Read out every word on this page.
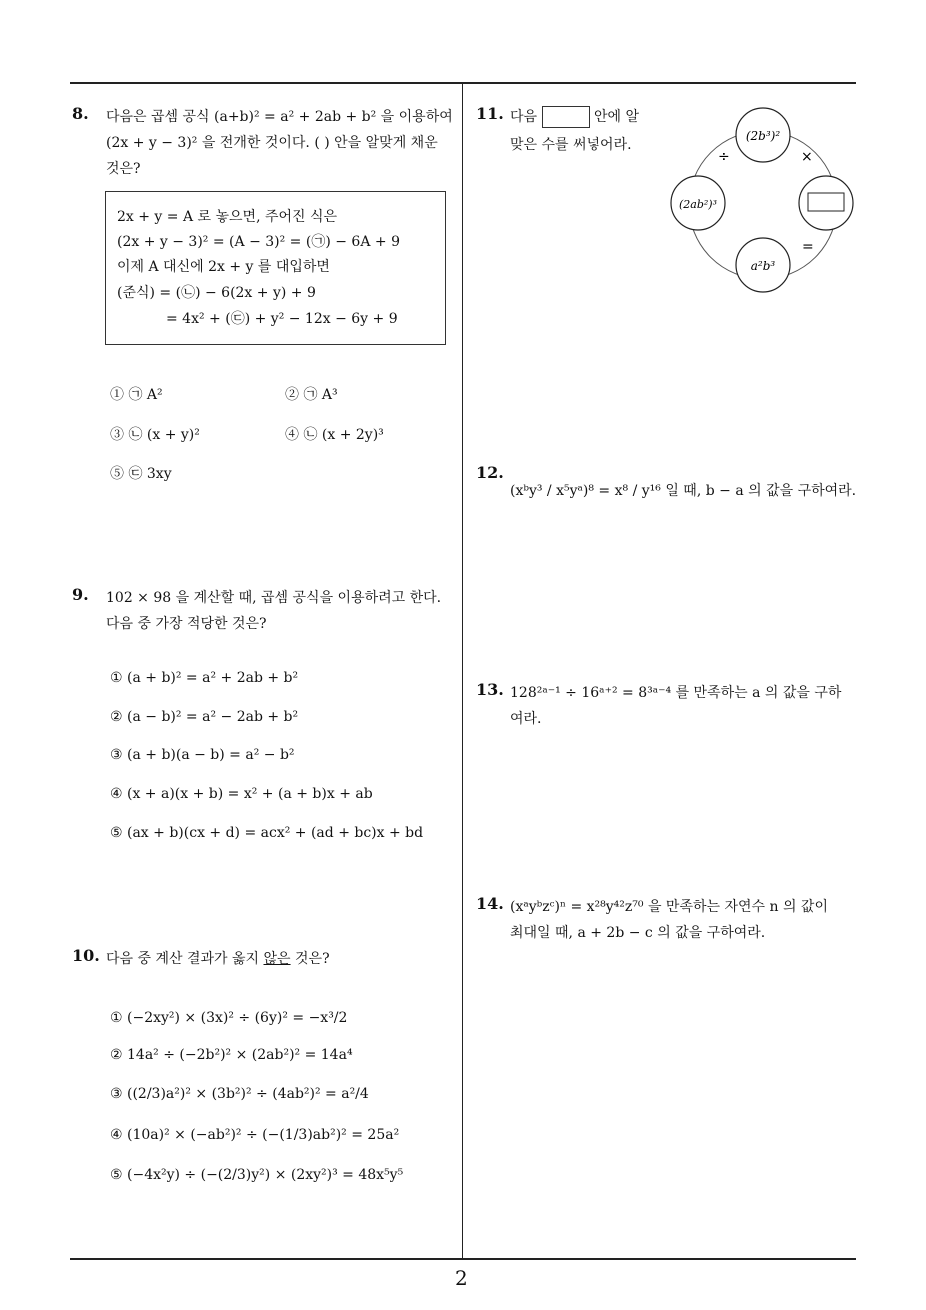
8. 다음은 곱셈 공식 (a+b)² = a² + 2ab + b² 을 이용하여
(2x + y − 3)² 을 전개한 것이다. ( ) 안을 알맞게 채운
것은?
2x + y = A 로 놓으면, 주어진 식은
(2x + y − 3)² = (A − 3)² = (㉠) − 6A + 9
이제 A 대신에 2x + y 를 대입하면
(준식) = (㉡) − 6(2x + y) + 9
= 4x² + (㉢) + y² − 12x − 6y + 9
① ㉠ A²	② ㉠ A³
③ ㉡ (x + y)²	④ ㉡ (x + 2y)³
⑤ ㉢ 3xy
9. 102 × 98 을 계산할 때, 곱셈 공식을 이용하려고 한다.
다음 중 가장 적당한 것은?
① (a + b)² = a² + 2ab + b²
② (a − b)² = a² − 2ab + b²
③ (a + b)(a − b) = a² − b²
④ (x + a)(x + b) = x² + (a + b)x + ab
⑤ (ax + b)(cx + d) = acx² + (ad + bc)x + bd
10. 다음 중 계산 결과가 옳지 않은 것은?
① (−2xy²) × (3x)² ÷ (6y)² = −x³/2
② 14a² ÷ (−2b²)² × (2ab²)² = 14a⁴
③ ((2/3)a²)² × (3b²)² ÷ (4ab²)² = a²/4
④ (10a)² × (−ab²)² ÷ (−(1/3)ab²)² = 25a²
⑤ (−4x²y) ÷ (−(2/3)y²) × (2xy²)³ = 48x⁵y⁵
11. 다음	안에 알
맞은 수를 써넣어라.
(2b³)²
(2ab²)³
a²b³
÷	×
=
12.
(xᵇy³ / x⁵yᵃ)⁸ = x⁸ / y¹⁶ 일 때, b − a 의 값을 구하여라.
13. 128²ᵃ⁻¹ ÷ 16ᵃ⁺² = 8³ᵃ⁻⁴ 를 만족하는 a 의 값을 구하
여라.
14. (xᵃyᵇzᶜ)ⁿ = x²⁸y⁴²z⁷⁰ 을 만족하는 자연수 n 의 값이
최대일 때, a + 2b − c 의 값을 구하여라.
2
